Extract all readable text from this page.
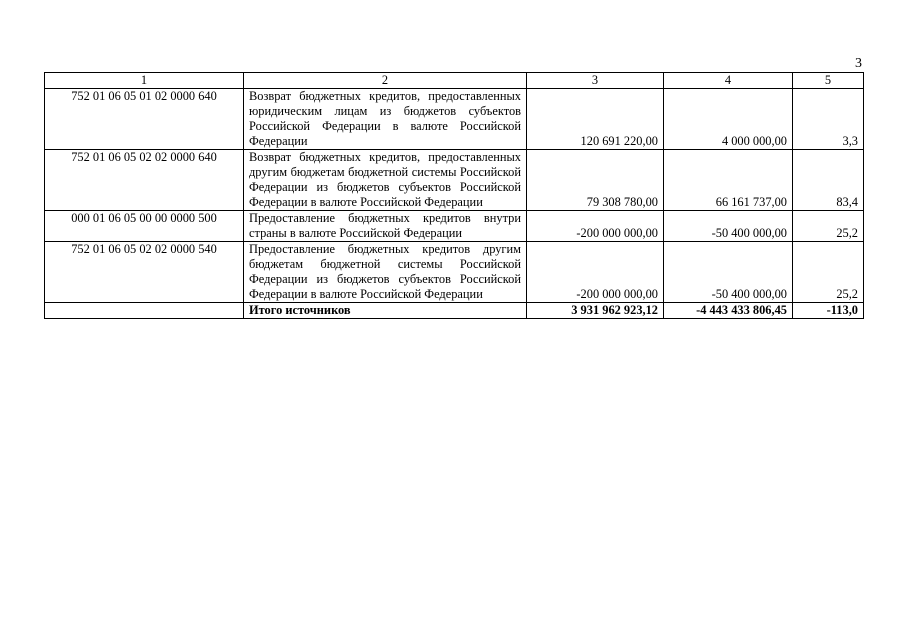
3
1	2	3	4	5
752 01 06 05 01 02 0000 640	Возврат бюджетных кредитов, предоставленных юридическим лицам из бюджетов субъектов Российской Федерации в валюте Российской Федерации	120 691 220,00	4 000 000,00	3,3
752 01 06 05 02 02 0000 640	Возврат бюджетных кредитов, предоставленных другим бюджетам бюджетной системы Российской Федерации из бюджетов субъектов Российской Федерации в валюте Российской Федерации	79 308 780,00	66 161 737,00	83,4
000 01 06 05 00 00 0000 500	Предоставление бюджетных кредитов внутри страны в валюте Российской Федерации	-200 000 000,00	-50 400 000,00	25,2
752 01 06 05 02 02 0000 540	Предоставление бюджетных кредитов другим бюджетам бюджетной системы Российской Федерации из бюджетов субъектов Российской Федерации в валюте Российской Федерации	-200 000 000,00	-50 400 000,00	25,2
	Итого источников	3 931 962 923,12	-4 443 433 806,45	-113,0
